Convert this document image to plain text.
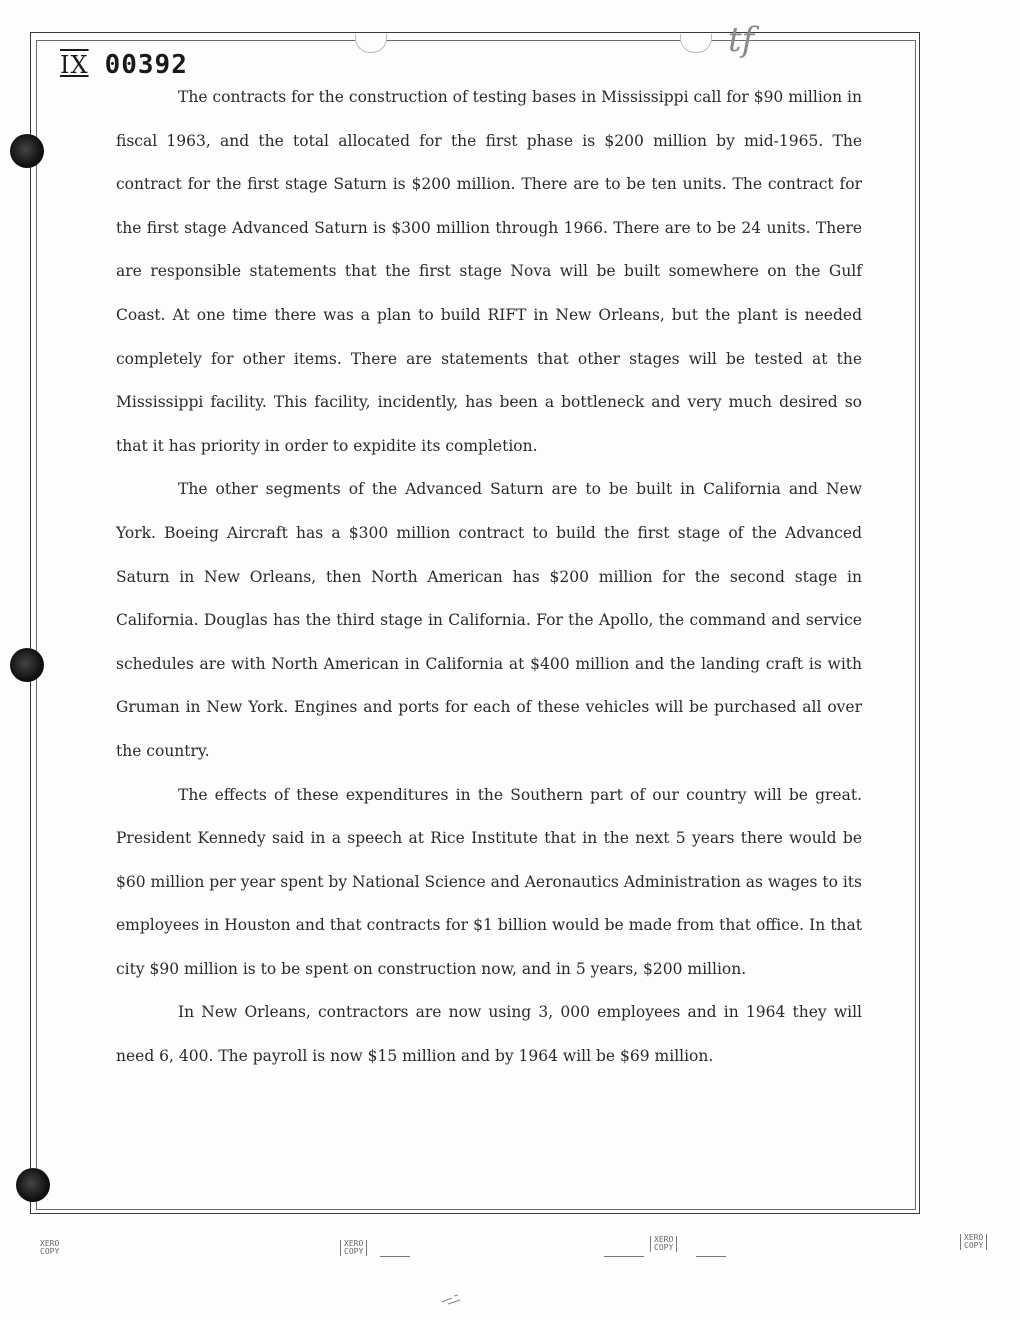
IX 00392
tf

The contracts for the construction of testing bases in Mississippi call for $90 million in fiscal 1963, and the total allocated for the first phase is $200 million by mid-1965. The contract for the first stage Saturn is $200 million. There are to be ten units. The contract for the first stage Advanced Saturn is $300 million through 1966. There are to be 24 units. There are responsible statements that the first stage Nova will be built somewhere on the Gulf Coast. At one time there was a plan to build RIFT in New Orleans, but the plant is needed completely for other items. There are statements that other stages will be tested at the Mississippi facility. This facility, incidently, has been a bottleneck and very much desired so that it has priority in order to expidite its completion.

The other segments of the Advanced Saturn are to be built in California and New York. Boeing Aircraft has a $300 million contract to build the first stage of the Advanced Saturn in New Orleans, then North American has $200 million for the second stage in California. Douglas has the third stage in California. For the Apollo, the command and service schedules are with North American in California at $400 million and the landing craft is with Gruman in New York. Engines and ports for each of these vehicles will be purchased all over the country.

The effects of these expenditures in the Southern part of our country will be great. President Kennedy said in a speech at Rice Institute that in the next 5 years there would be $60 million per year spent by National Science and Aeronautics Administration as wages to its employees in Houston and that contracts for $1 billion would be made from that office. In that city $90 million is to be spent on construction now, and in 5 years, $200 million.

In New Orleans, contractors are now using 3, 000 employees and in 1964 they will need 6, 400. The payroll is now $15 million and by 1964 will be $69 million.

XERO
COPY
XERO
COPY
XERO
COPY
XERO
COPY
